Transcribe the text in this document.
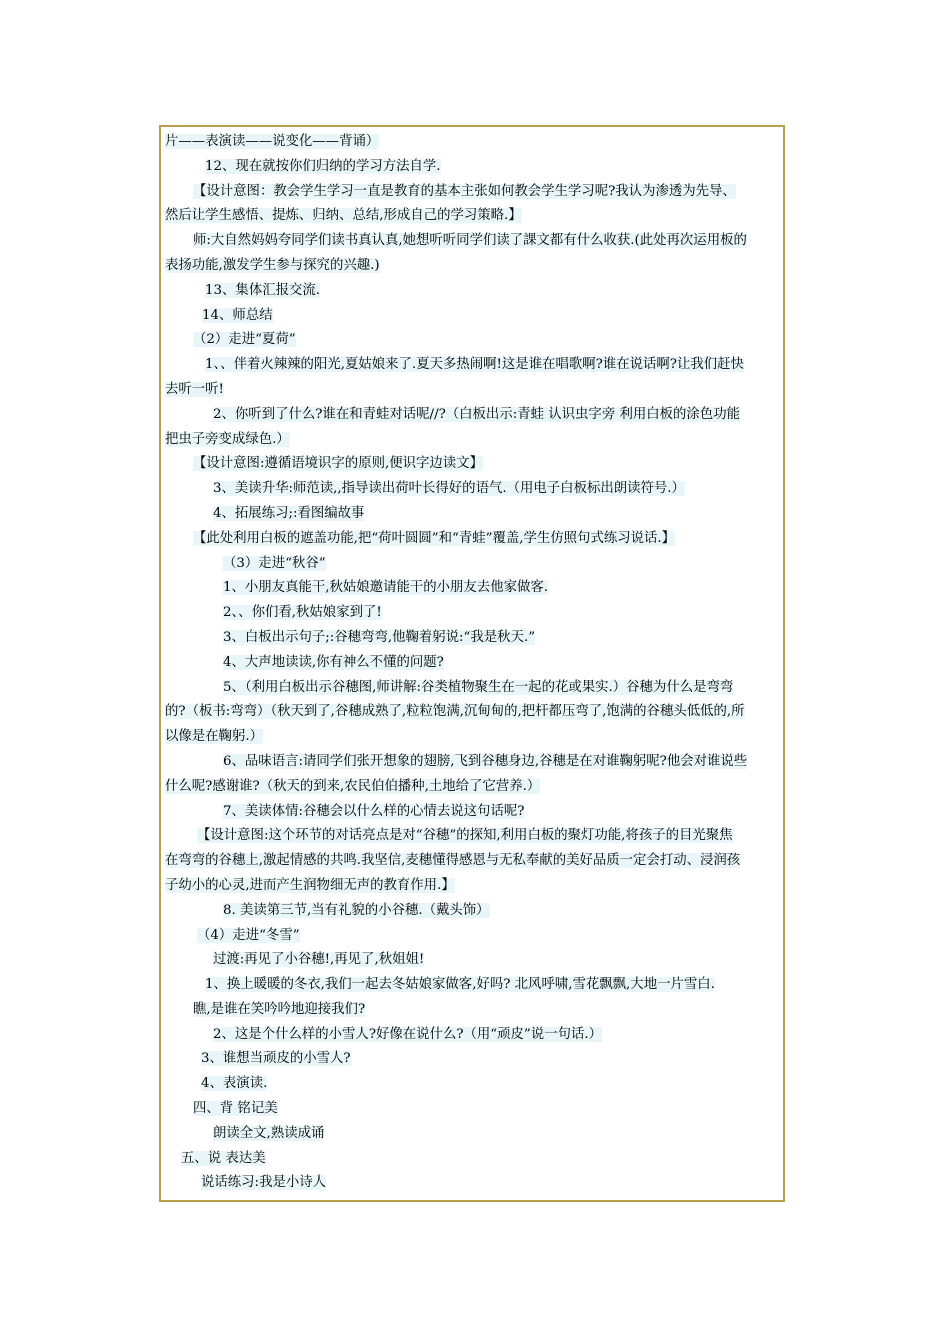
片——表演读——说变化——背诵）
12、现在就按你们归纳的学习方法自学.
【设计意图：教会学生学习一直是教育的基本主张如何教会学生学习呢?我认为渗透为先导、
然后让学生感悟、提炼、归纳、总结,形成自己的学习策略.】
师:大自然妈妈夸同学们读书真认真,她想听听同学们读了課文都有什么收获.(此处再次运用板的
表扬功能,激发学生参与探究的兴趣.)
13、集体汇报交流.
14、师总结
（2）走进“夏荷”
1、、伴着火辣辣的阳光,夏姑娘来了.夏天多热闹啊!这是谁在唱歌啊?谁在说话啊?让我们赶快
去听一听!
2、你听到了什么?谁在和青蛙对话呢//?（白板出示:青蛙 认识虫字旁 利用白板的涂色功能
把虫子旁变成绿色.）
【设计意图:遵循语境识字的原则,便识字边读文】
3、美读升华:师范读,,指导读出荷叶长得好的语气.（用电子白板标出朗读符号.）
4、拓展练习;:看图编故事
【此处利用白板的遮盖功能,把“荷叶圆圆”和“青蛙”覆盖,学生仿照句式练习说话.】
（3）走进“秋谷”
1、小朋友真能干,秋姑娘邀请能干的小朋友去他家做客.
2、、你们看,秋姑娘家到了!
3、白板出示句子;:谷穗弯弯,他鞠着躬说:“我是秋天.”
4、大声地读读,你有神么不懂的问题?
5、（利用白板出示谷穗图,师讲解:谷类植物聚生在一起的花或果实.）谷穗为什么是弯弯
的?（板书:弯弯）（秋天到了,谷穗成熟了,粒粒饱满,沉甸甸的,把杆都压弯了,饱满的谷穗头低低的,所
以像是在鞠躬.）
6、品味语言:请同学们张开想象的翅膀,飞到谷穗身边,谷穗是在对谁鞠躬呢?他会对谁说些
什么呢?感谢谁?（秋天的到来,农民伯伯播种,土地给了它营养.）
7、美读体情:谷穗会以什么样的心情去说这句话呢?
【设计意图:这个环节的对话亮点是对“谷穗”的探知,利用白板的聚灯功能,将孩子的目光聚焦
在弯弯的谷穗上,激起情感的共鸣.我坚信,麦穗懂得感恩与无私奉献的美好品质一定会打动、浸润孩
子幼小的心灵,进而产生润物细无声的教育作用.】
8. 美读第三节,当有礼貌的小谷穗.（戴头饰）
（4）走进“冬雪”
过渡:再见了小谷穗!,再见了,秋姐姐!
1、换上暖暖的冬衣,我们一起去冬姑娘家做客,好吗? 北风呼啸,雪花飘飘,大地一片雪白.
瞧,是谁在笑吟吟地迎接我们?
2、这是个什么样的小雪人?好像在说什么?（用“顽皮”说一句话.）
3、谁想当顽皮的小雪人?
4、表演读.
四、背 铭记美
朗读全文,熟读成诵
五、说 表达美
说话练习:我是小诗人
